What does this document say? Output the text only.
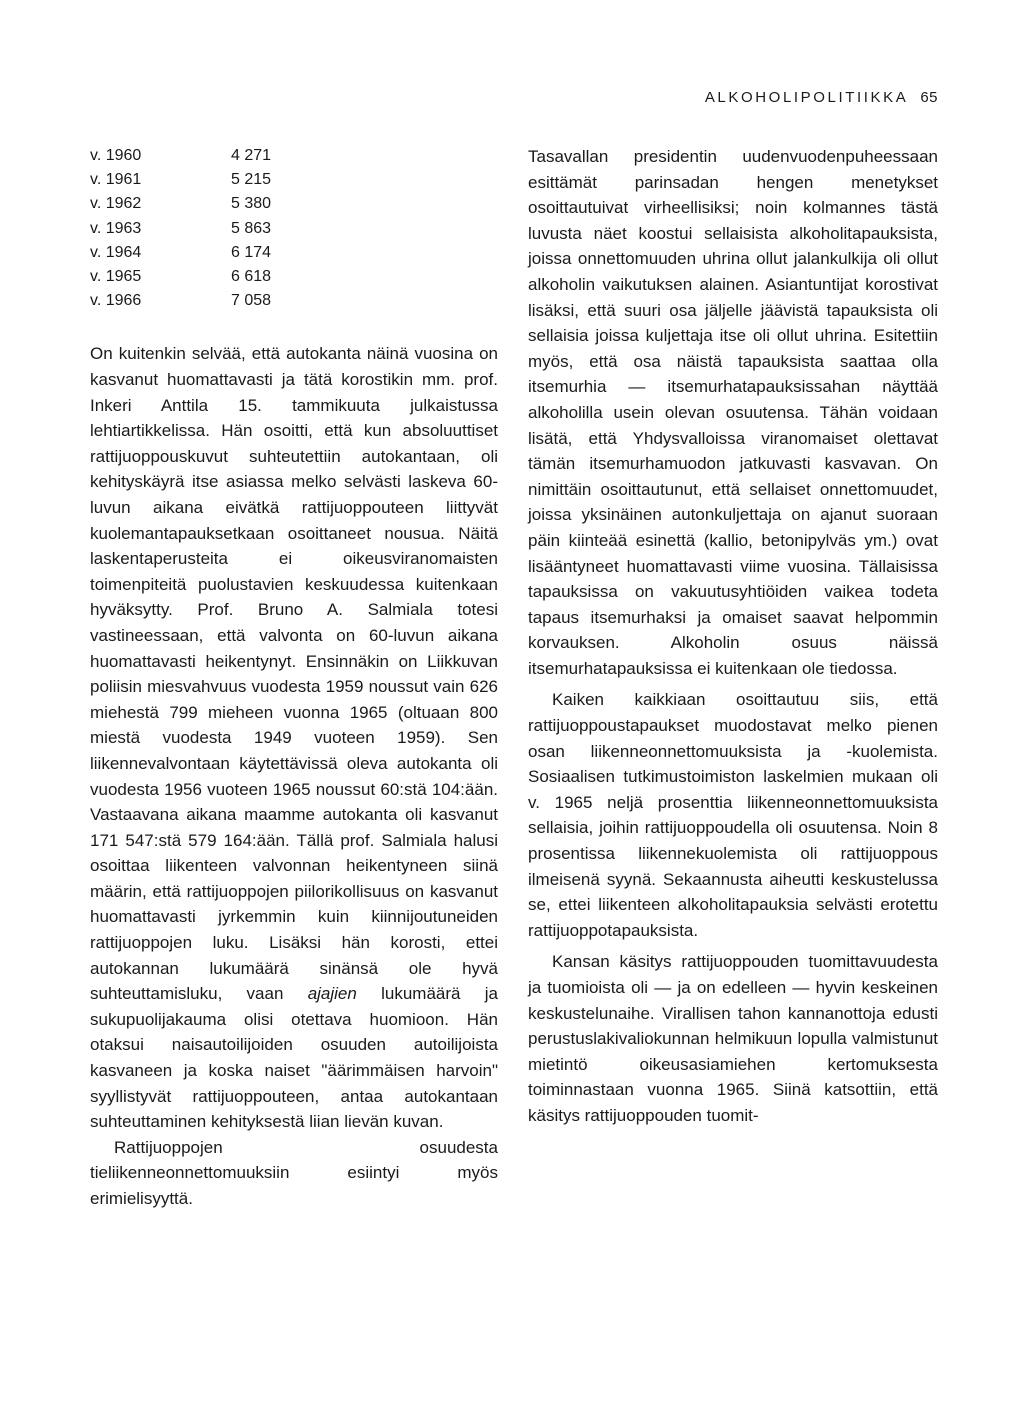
ALKOHOLIPOLITIIKKA 65
v. 1960	4 271
v. 1961	5 215
v. 1962	5 380
v. 1963	5 863
v. 1964	6 174
v. 1965	6 618
v. 1966	7 058

On kuitenkin selvää, että autokanta näinä vuosina on kasvanut huomattavasti ja tätä korostikin mm. prof. Inkeri Anttila 15. tammikuuta julkaistussa lehtiartikkelissa. Hän osoitti, että kun absoluuttiset rattijuoppouskuvut suhteutettiin autokantaan, oli kehityskäyrä itse asiassa melko selvästi laskeva 60-luvun aikana eivätkä rattijuoppouteen liittyvät kuolemantapauksetkaan osoittaneet nousua. Näitä laskentaperusteita ei oikeusviranomaisten toimenpiteitä puolustavien keskuudessa kuitenkaan hyväksytty. Prof. Bruno A. Salmiala totesi vastineessaan, että valvonta on 60-luvun aikana huomattavasti heikentynyt. Ensinnäkin on Liikkuvan poliisin miesvahvuus vuodesta 1959 noussut vain 626 miehestä 799 mieheen vuonna 1965 (oltuaan 800 miestä vuodesta 1949 vuoteen 1959). Sen liikennevalvontaan käytettävissä oleva autokanta oli vuodesta 1956 vuoteen 1965 noussut 60:stä 104:ään. Vastaavana aikana maamme autokanta oli kasvanut 171 547:stä 579 164:ään. Tällä prof. Salmiala halusi osoittaa liikenteen valvonnan heikentyneen siinä määrin, että rattijuoppojen piilorikollisuus on kasvanut huomattavasti jyrkemmin kuin kiinnijoutuneiden rattijuoppojen luku. Lisäksi hän korosti, ettei autokannan lukumäärä sinänsä ole hyvä suhteuttamisluku, vaan ajajien lukumäärä ja sukupuolijakauma olisi otettava huomioon. Hän otaksui naisautoilijoiden osuuden autoilijoista kasvaneen ja koska naiset "äärimmäisen harvoin" syyllistyvät rattijuoppouteen, antaa autokantaan suhteuttaminen kehityksestä liian lievän kuvan.

Rattijuoppojen osuudesta tieliikenneonnettomuuksiin esiintyi myös erimielisyyttä.

Tasavallan presidentin uudenvuodenpuheessaan esittämät parinsadan hengen menetykset osoittautuivat virheellisiksi; noin kolmannes tästä luvusta näet koostui sellaisista alkoholitapauksista, joissa onnettomuuden uhrina ollut jalankulkija oli ollut alkoholin vaikutuksen alainen. Asiantuntijat korostivat lisäksi, että suuri osa jäljelle jäävistä tapauksista oli sellaisia joissa kuljettaja itse oli ollut uhrina. Esitettiin myös, että osa näistä tapauksista saattaa olla itsemurhia — itsemurhatapauksissahan näyttää alkoholilla usein olevan osuutensa. Tähän voidaan lisätä, että Yhdysvalloissa viranomaiset olettavat tämän itsemurhamuodon jatkuvasti kasvavan. On nimittäin osoittautunut, että sellaiset onnettomuudet, joissa yksinäinen autonkuljettaja on ajanut suoraan päin kiinteää esinettä (kallio, betonipylväs ym.) ovat lisääntyneet huomattavasti viime vuosina. Tällaisissa tapauksissa on vakuutusyhtiöiden vaikea todeta tapaus itsemurhaksi ja omaiset saavat helpommin korvauksen. Alkoholin osuus näissä itsemurhatapauksissa ei kuitenkaan ole tiedossa.

Kaiken kaikkiaan osoittautuu siis, että rattijuoppoustapaukset muodostavat melko pienen osan liikenneonnettomuuksista ja -kuolemista. Sosiaalisen tutkimustoimiston laskelmien mukaan oli v. 1965 neljä prosenttia liikenneonnettomuuksista sellaisia, joihin rattijuoppoudella oli osuutensa. Noin 8 prosentissa liikennekuolemista oli rattijuoppous ilmeisenä syynä. Sekaannusta aiheutti keskustelussa se, ettei liikenteen alkoholitapauksia selvästi erotettu rattijuoppotapauksista.

Kansan käsitys rattijuoppouden tuomittavuudesta ja tuomioista oli — ja on edelleen — hyvin keskeinen keskustelunaihe. Virallisen tahon kannanottoja edusti perustuslakivaliokunnan helmikuun lopulla valmistunut mietintö oikeusasiamiehen kertomuksesta toiminnastaan vuonna 1965. Siinä katsottiin, että käsitys rattijuoppouden tuomit-
